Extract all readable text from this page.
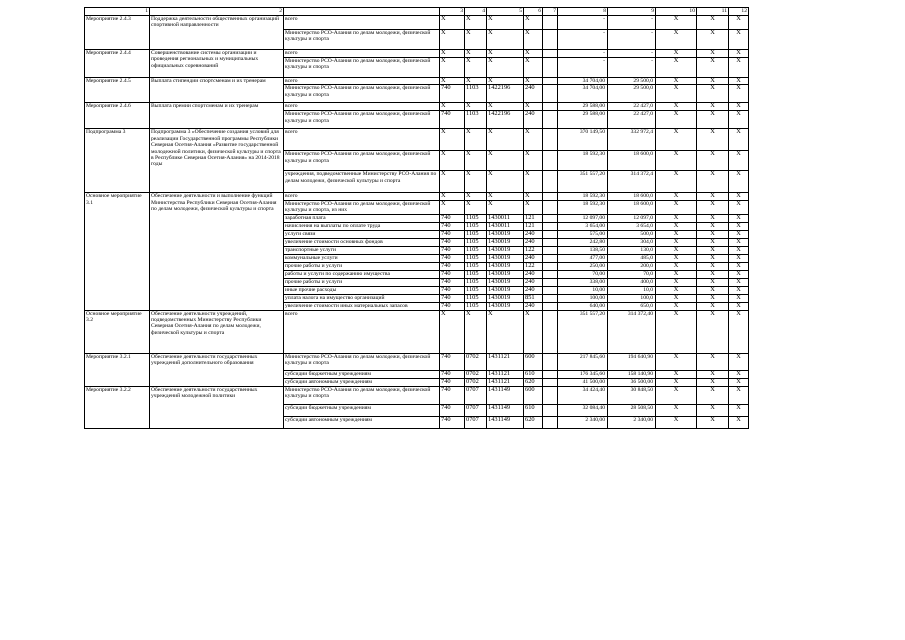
1	2		3	4	5	6	7	8	9	10	11	12
Мероприятие 2.4.3	Поддержка деятельности общественных организаций спортивной направленности	всего	X	X	X	X		-	-	X	X	X
		Министерство РСО-Алания по делам молодежи, физической культуры и спорта	X	X	X	X		-	-	X	X	X
Мероприятие 2.4.4	Совершенствование системы организации и проведения региональных и муниципальных официальных соревнований	всего	X	X	X	X		-	-	X	X	X
		Министерство РСО-Алания по делам молодежи, физической культуры и спорта	X	X	X	X		-	-	X	X	X
Мероприятие 2.4.5	Выплата стипендии спортсменам и их тренерам	всего	X	X	X	X		34 704,00	29 500,0	X	X	X
		Министерство РСО-Алания по делам молодежи, физической культуры и спорта	740	1103	1422196	240		34 704,00	29 500,0	X	X	X
Мероприятие 2.4.6	Выплата премии спортсменам и их тренерам	всего	X	X	X	X		29 588,00	22 427,0	X	X	X
		Министерство РСО-Алания по делам молодежи, физической культуры и спорта	740	1103	1422196	240		29 588,00	22 427,0	X	X	X
Подпрограмма 3	Подпрограмма 3 «Обеспечение создания условий для реализации Государственной программы Республики Северная Осетия-Алания «Развитие государственной молодежной политики, физической культуры и спорта в Республике Северная Осетия-Алания» на 2014-2018 годы	всего	X	X	X	X		370 149,50	332 972,4	X	X	X
		Министерство РСО-Алания по делам молодежи, физической культуры и спорта	X	X	X	X		18 592,30	18 600,0	X	X	X
		учреждения, подведомственные Министерству РСО-Алания по делам молодежи, физической культуры и спорта	X	X	X	X		351 557,20	314 372,4	X	X	X
Основное мероприятие 3.1	Обеспечение деятельности и выполнение функций Министерства Республики Северная Осетия-Алания по делам молодежи, физической культуры и спорта	всего	X	X	X	X		18 592,30	18 600,0	X	X	X
		Министерство РСО-Алания по делам молодежи, физической культуры и спорта, из них	X	X	X	X		18 592,30	18 600,0	X	X	X
		заработная плата	740	1105	1430011	121		12 097,00	12 097,0	X	X	X
		начисления на выплаты по оплате труда	740	1105	1430011	121		3 654,00	3 654,0	X	X	X
		услуги связи	740	1105	1430019	240		575,00	500,0	X	X	X
		увеличение стоимости основных фондов	740	1105	1430019	240		242,80	304,0	X	X	X
		транспортные услуги	740	1105	1430019	122		138,50	130,0	X	X	X
		коммунальные услуги	740	1105	1430019	240		477,00	485,0	X	X	X
		прочие работы и услуги	740	1105	1430019	122		250,00	200,0	X	X	X
		работы и услуги по содержанию имущества	740	1105	1430019	240		70,00	70,0	X	X	X
		прочие работы и услуги	740	1105	1430019	240		338,00	400,0	X	X	X
		иные прочие расходы	740	1105	1430019	240		10,00	10,0	X	X	X
		уплата налога на имущество организаций	740	1105	1430019	851		100,00	100,0	X	X	X
		увеличение стоимости иных материальных запасов	740	1105	1430019	240		640,00	650,0	X	X	X
Основное мероприятие 3.2	Обеспечение деятельности учреждений, подведомственных Министерству Республики Северная Осетия-Алания по делам молодежи, физической культуры и спорта	всего	X	X	X	X		351 557,20	314 372,40	X	X	X
Мероприятие 3.2.1	Обеспечение деятельности государственных учреждений дополнительного образования	Министерство РСО-Алания по делам молодежи, физической культуры и спорта	740	0702	1431121	600		217 845,60	194 640,90	X	X	X
		субсидии бюджетным учреждениям	740	0702	1431121	610		176 345,60	158 140,90	X	X	X
		субсидии автономным учреждениям	740	0702	1431121	620		41 500,00	36 500,00	X	X	X
Мероприятие 3.2.2	Обеспечение деятельности государственных учреждений молодежной политики	Министерство РСО-Алания по делам молодежи, физической культуры и спорта	740	0707	1431149	600		34 424,40	30 848,50	X	X	X
		субсидии бюджетным учреждениям	740	0707	1431149	610		32 084,40	28 508,50	X	X	X
		субсидии автономным учреждениям	740	0707	1431149	620		2 340,00	2 340,00	X	X	X
